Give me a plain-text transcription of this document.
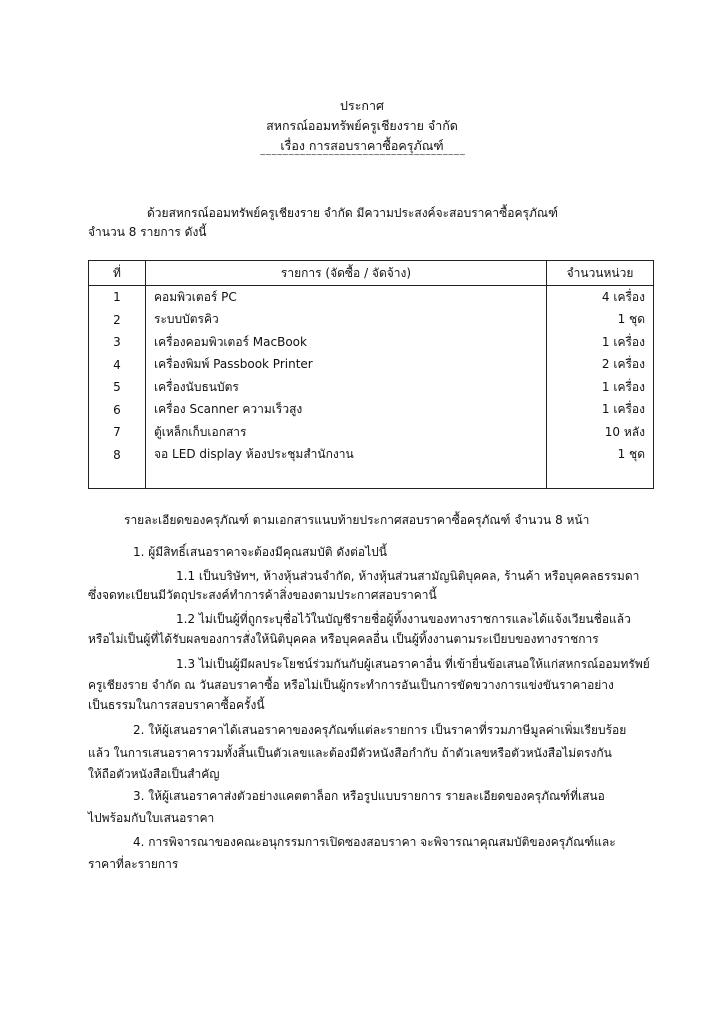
ประกาศ
สหกรณ์ออมทรัพย์ครูเชียงราย จำกัด
เรื่อง การสอบราคาซื้อครุภัณฑ์
~~~~~~~~~~~~~~~~~~~~~~~~~~~~~~~~~~~~
ด้วยสหกรณ์ออมทรัพย์ครูเชียงราย จำกัด มีความประสงค์จะสอบราคาซื้อครุภัณฑ์
จำนวน 8 รายการ ดังนี้
ที่	รายการ (จัดซื้อ / จัดจ้าง)	จำนวนหน่วย
1	คอมพิวเตอร์ PC	4 เครื่อง
2	ระบบบัตรคิว	1 ชุด
3	เครื่องคอมพิวเตอร์ MacBook	1 เครื่อง
4	เครื่องพิมพ์ Passbook Printer	2 เครื่อง
5	เครื่องนับธนบัตร	1 เครื่อง
6	เครื่อง Scanner ความเร็วสูง	1 เครื่อง
7	ตู้เหล็กเก็บเอกสาร	10 หลัง
8	จอ LED display ห้องประชุมสำนักงาน	1 ชุด

รายละเอียดของครุภัณฑ์ ตามเอกสารแนบท้ายประกาศสอบราคาซื้อครุภัณฑ์ จำนวน 8 หน้า
1. ผู้มีสิทธิ์เสนอราคาจะต้องมีคุณสมบัติ ดังต่อไปนี้
1.1 เป็นบริษัทฯ, ห้างหุ้นส่วนจำกัด, ห้างหุ้นส่วนสามัญนิติบุคคล, ร้านค้า หรือบุคคลธรรมดา
ซึ่งจดทะเบียนมีวัตถุประสงค์ทำการค้าสิ่งของตามประกาศสอบราคานี้
1.2 ไม่เป็นผู้ที่ถูกระบุชื่อไว้ในบัญชีรายชื่อผู้ทิ้งงานของทางราชการและได้แจ้งเวียนชื่อแล้ว
หรือไม่เป็นผู้ที่ได้รับผลของการสั่งให้นิติบุคคล หรือบุคคลอื่น เป็นผู้ทิ้งงานตามระเบียบของทางราชการ
1.3 ไม่เป็นผู้มีผลประโยชน์ร่วมกันกับผู้เสนอราคาอื่น ที่เข้ายื่นข้อเสนอให้แก่สหกรณ์ออมทรัพย์
ครูเชียงราย จำกัด ณ วันสอบราคาซื้อ หรือไม่เป็นผู้กระทำการอันเป็นการขัดขวางการแข่งขันราคาอย่าง
เป็นธรรมในการสอบราคาซื้อครั้งนี้
2. ให้ผู้เสนอราคาได้เสนอราคาของครุภัณฑ์แต่ละรายการ เป็นราคาที่รวมภาษีมูลค่าเพิ่มเรียบร้อย
แล้ว ในการเสนอราคารวมทั้งสิ้นเป็นตัวเลขและต้องมีตัวหนังสือกำกับ ถ้าตัวเลขหรือตัวหนังสือไม่ตรงกัน
ให้ถือตัวหนังสือเป็นสำคัญ
3. ให้ผู้เสนอราคาส่งตัวอย่างแคตตาล็อก หรือรูปแบบรายการ รายละเอียดของครุภัณฑ์ที่เสนอ
ไปพร้อมกับใบเสนอราคา
4. การพิจารณาของคณะอนุกรรมการเปิดซองสอบราคา จะพิจารณาคุณสมบัติของครุภัณฑ์และ
ราคาที่ละรายการ
